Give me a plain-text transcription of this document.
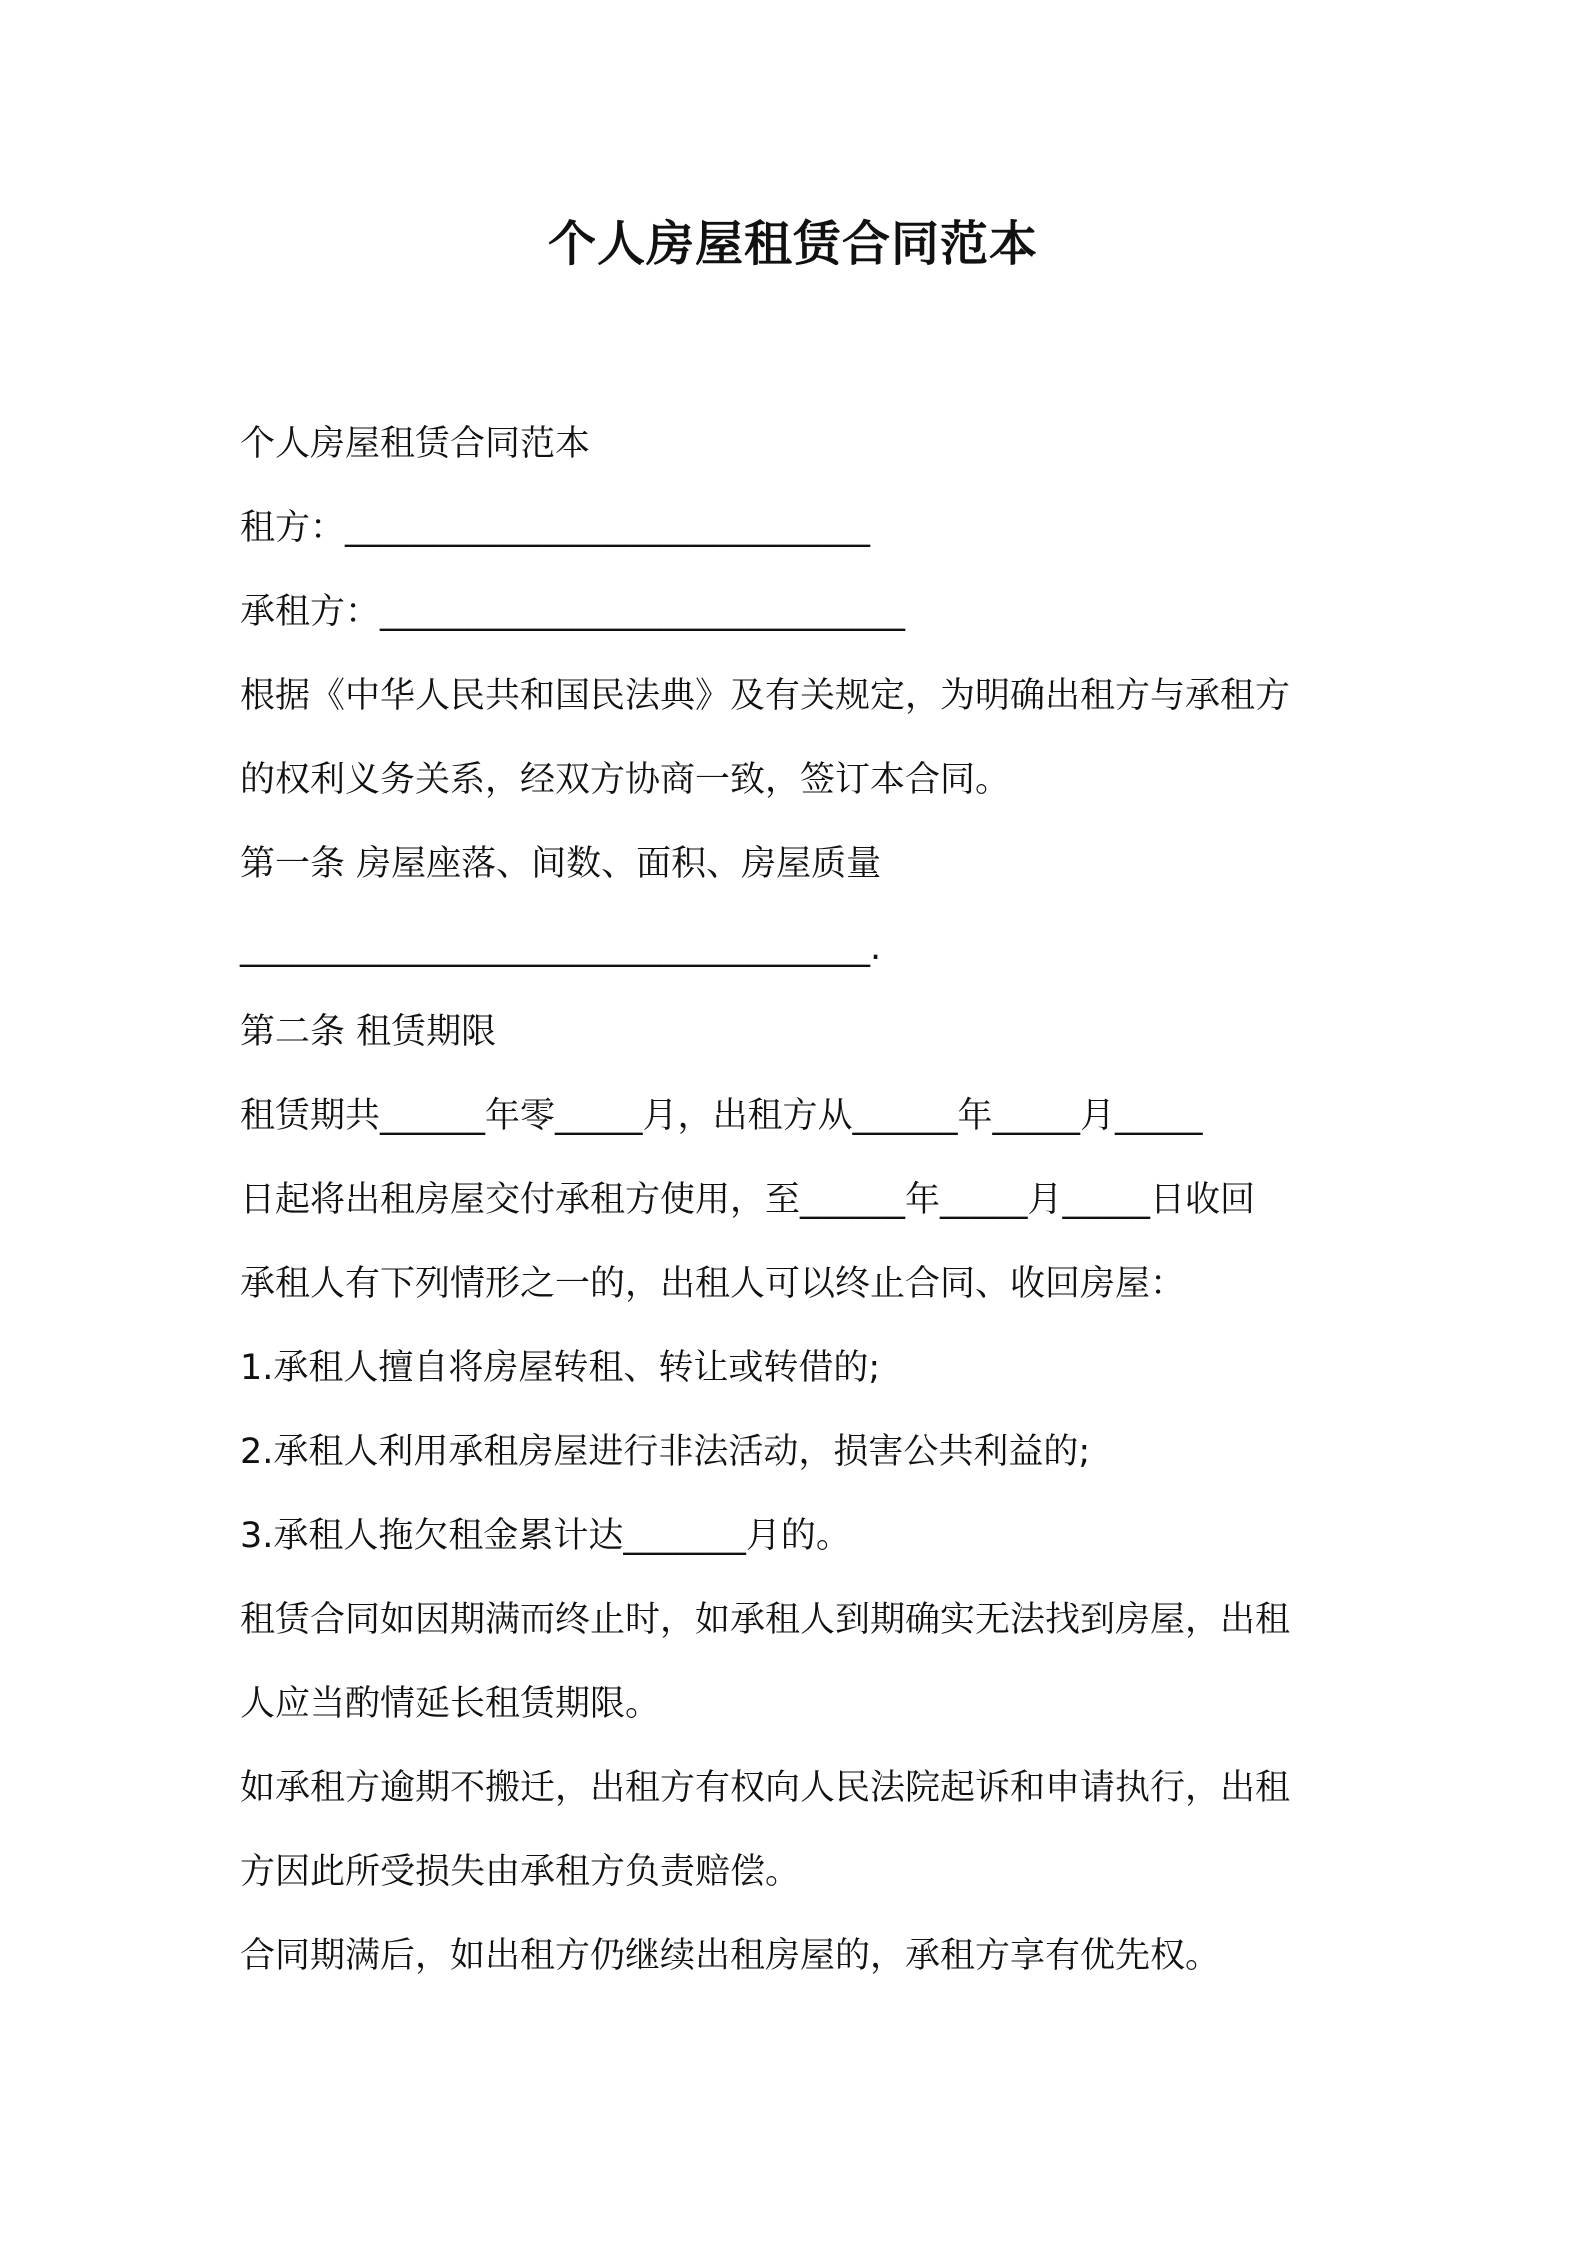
个人房屋租赁合同范本
个人房屋租赁合同范本
租方：______________________________
承租方：______________________________
根据《中华人民共和国民法典》及有关规定，为明确出租方与承租方
的权利义务关系，经双方协商一致，签订本合同。
第一条 房屋座落、间数、面积、房屋质量
____________________________________.
第二条 租赁期限
租赁期共______年零_____月，出租方从______年_____月_____
日起将出租房屋交付承租方使用，至______年_____月_____日收回
承租人有下列情形之一的，出租人可以终止合同、收回房屋：
1.承租人擅自将房屋转租、转让或转借的;
2.承租人利用承租房屋进行非法活动，损害公共利益的;
3.承租人拖欠租金累计达_______月的。
租赁合同如因期满而终止时，如承租人到期确实无法找到房屋，出租
人应当酌情延长租赁期限。
如承租方逾期不搬迁，出租方有权向人民法院起诉和申请执行，出租
方因此所受损失由承租方负责赔偿。
合同期满后，如出租方仍继续出租房屋的，承租方享有优先权。
